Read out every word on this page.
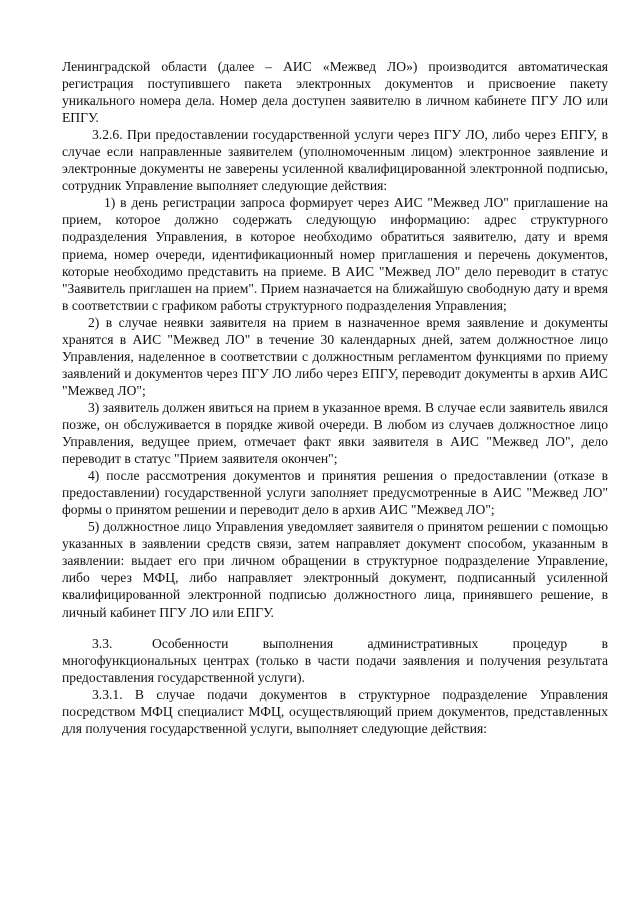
Ленинградской области (далее – АИС «Межвед ЛО») производится автоматическая регистрация поступившего пакета электронных документов и присвоение пакету уникального номера дела. Номер дела доступен заявителю в личном кабинете ПГУ ЛО или ЕПГУ.

3.2.6. При предоставлении государственной услуги через ПГУ ЛО, либо через ЕПГУ, в случае если направленные заявителем (уполномоченным лицом) электронное заявление и электронные документы не заверены усиленной квалифицированной электронной подписью, сотрудник Управление выполняет следующие действия:

1) в день регистрации запроса формирует через АИС "Межвед ЛО" приглашение на прием, которое должно содержать следующую информацию: адрес структурного подразделения Управления, в которое необходимо обратиться заявителю, дату и время приема, номер очереди, идентификационный номер приглашения и перечень документов, которые необходимо представить на приеме. В АИС "Межвед ЛО" дело переводит в статус "Заявитель приглашен на прием". Прием назначается на ближайшую свободную дату и время в соответствии с графиком работы структурного подразделения Управления;

2) в случае неявки заявителя на прием в назначенное время заявление и документы хранятся в АИС "Межвед ЛО" в течение 30 календарных дней, затем должностное лицо Управления, наделенное в соответствии с должностным регламентом функциями по приему заявлений и документов через ПГУ ЛО либо через ЕПГУ, переводит документы в архив АИС "Межвед ЛО";

3) заявитель должен явиться на прием в указанное время. В случае если заявитель явился позже, он обслуживается в порядке живой очереди. В любом из случаев должностное лицо Управления, ведущее прием, отмечает факт явки заявителя в АИС "Межвед ЛО", дело переводит в статус "Прием заявителя окончен";

4) после рассмотрения документов и принятия решения о предоставлении (отказе в предоставлении) государственной услуги заполняет предусмотренные в АИС "Межвед ЛО" формы о принятом решении и переводит дело в архив АИС "Межвед ЛО";

5) должностное лицо Управления уведомляет заявителя о принятом решении с помощью указанных в заявлении средств связи, затем направляет документ способом, указанным в заявлении: выдает его при личном обращении в структурное подразделение Управление, либо через МФЦ, либо направляет электронный документ, подписанный усиленной квалифицированной электронной подписью должностного лица, принявшего решение, в личный кабинет ПГУ ЛО или ЕПГУ.

3.3.	Особенности выполнения административных процедур в многофункциональных центрах (только в части подачи заявления и получения результата предоставления государственной услуги).

3.3.1. В случае подачи документов в структурное подразделение Управления посредством МФЦ специалист МФЦ, осуществляющий прием документов, представленных для получения государственной услуги, выполняет следующие действия:
